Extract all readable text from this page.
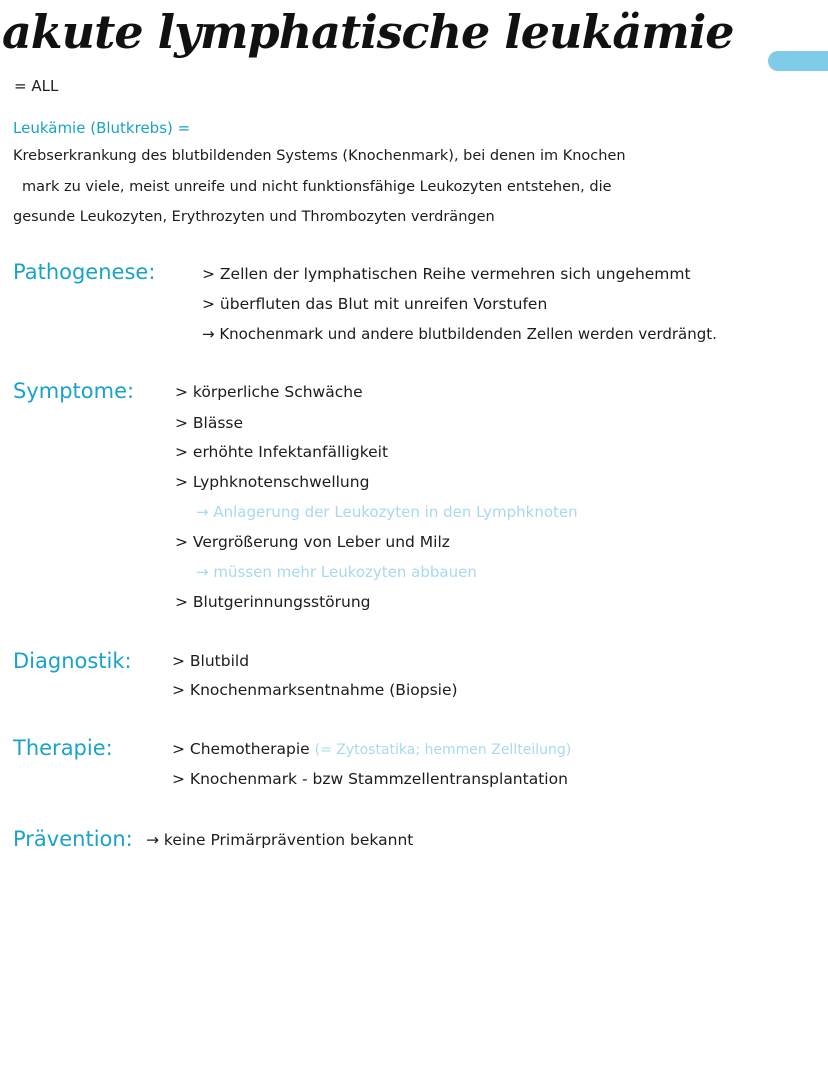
akute lymphatische leukämie
= ALL
Leukämie (Blutkrebs) =
Krebserkrankung des blutbildenden Systems (Knochenmark), bei denen im Knochen
mark zu viele, meist unreife und nicht funktionsfähige Leukozyten entstehen, die
gesunde Leukozyten, Erythrozyten und Thrombozyten verdrängen
Pathogenese:	> Zellen der lymphatischen Reihe vermehren sich ungehemmt
> überfluten das Blut mit unreifen Vorstufen
→ Knochenmark und andere blutbildenden Zellen werden verdrängt.
Symptome:	> körperliche Schwäche
> Blässe
> erhöhte Infektanfälligkeit
> Lyphknotenschwellung
→ Anlagerung der Leukozyten in den Lymphknoten
> Vergrößerung von Leber und Milz
→ müssen mehr Leukozyten abbauen
> Blutgerinnungsstörung
Diagnostik:	> Blutbild
> Knochenmarksentnahme (Biopsie)
Therapie:	> Chemotherapie (= Zytostatika; hemmen Zellteilung)
> Knochenmark - bzw Stammzellentransplantation
Prävention: → keine Primärprävention bekannt
